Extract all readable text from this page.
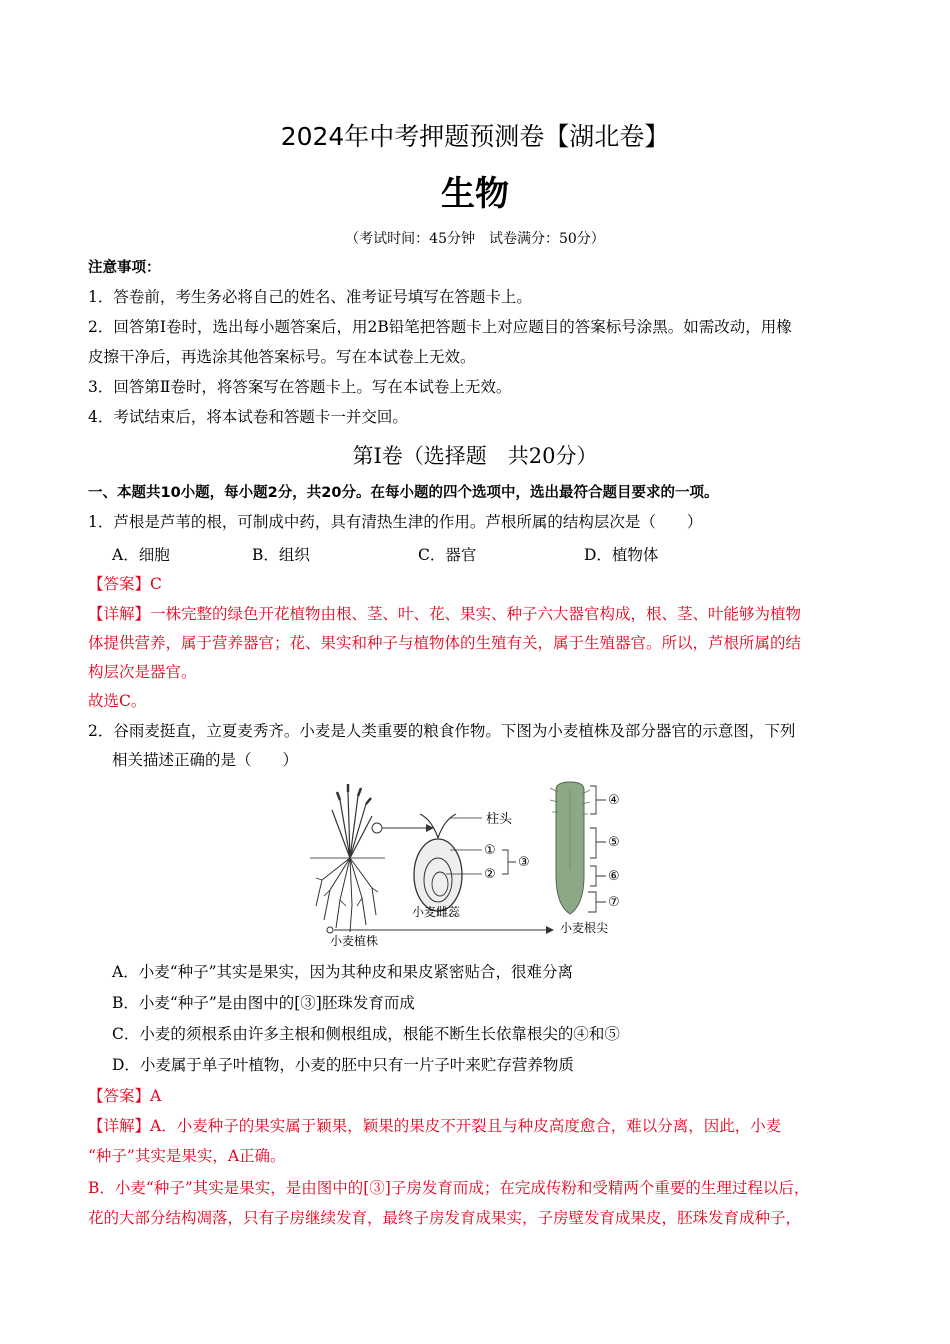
2024年中考押题预测卷【湖北卷】
生物
（考试时间：45分钟　试卷满分：50分）
注意事项：
1．答卷前，考生务必将自己的姓名、准考证号填写在答题卡上。
2．回答第Ⅰ卷时，选出每小题答案后，用2B铅笔把答题卡上对应题目的答案标号涂黑。如需改动，用橡
皮擦干净后，再选涂其他答案标号。写在本试卷上无效。
3．回答第Ⅱ卷时，将答案写在答题卡上。写在本试卷上无效。
4．考试结束后，将本试卷和答题卡一并交回。
第Ⅰ卷（选择题　共20分）
一、本题共10小题，每小题2分，共20分。在每小题的四个选项中，选出最符合题目要求的一项。
1．芦根是芦苇的根，可制成中药，具有清热生津的作用。芦根所属的结构层次是（　　）
A．细胞	B．组织	C．器官	D．植物体
【答案】C
【详解】一株完整的绿色开花植物由根、茎、叶、花、果实、种子六大器官构成，根、茎、叶能够为植物
体提供营养，属于营养器官；花、果实和种子与植物体的生殖有关，属于生殖器官。所以，芦根所属的结
构层次是器官。
故选C。
2．谷雨麦挺直，立夏麦秀齐。小麦是人类重要的粮食作物。下图为小麦植株及部分器官的示意图，下列
相关描述正确的是（　　）
柱头
①
②
③
④
⑤
⑥
⑦
小麦雌蕊
小麦植株
小麦根尖
A．小麦“种子”其实是果实，因为其种皮和果皮紧密贴合，很难分离
B．小麦“种子”是由图中的[③]胚珠发育而成
C．小麦的须根系由许多主根和侧根组成，根能不断生长依靠根尖的④和⑤
D．小麦属于单子叶植物，小麦的胚中只有一片子叶来贮存营养物质
【答案】A
【详解】A．小麦种子的果实属于颖果，颖果的果皮不开裂且与种皮高度愈合，难以分离，因此，小麦
“种子”其实是果实，A正确。
B．小麦“种子”其实是果实，是由图中的[③]子房发育而成；在完成传粉和受精两个重要的生理过程以后，
花的大部分结构凋落，只有子房继续发育，最终子房发育成果实，子房壁发育成果皮，胚珠发育成种子，
